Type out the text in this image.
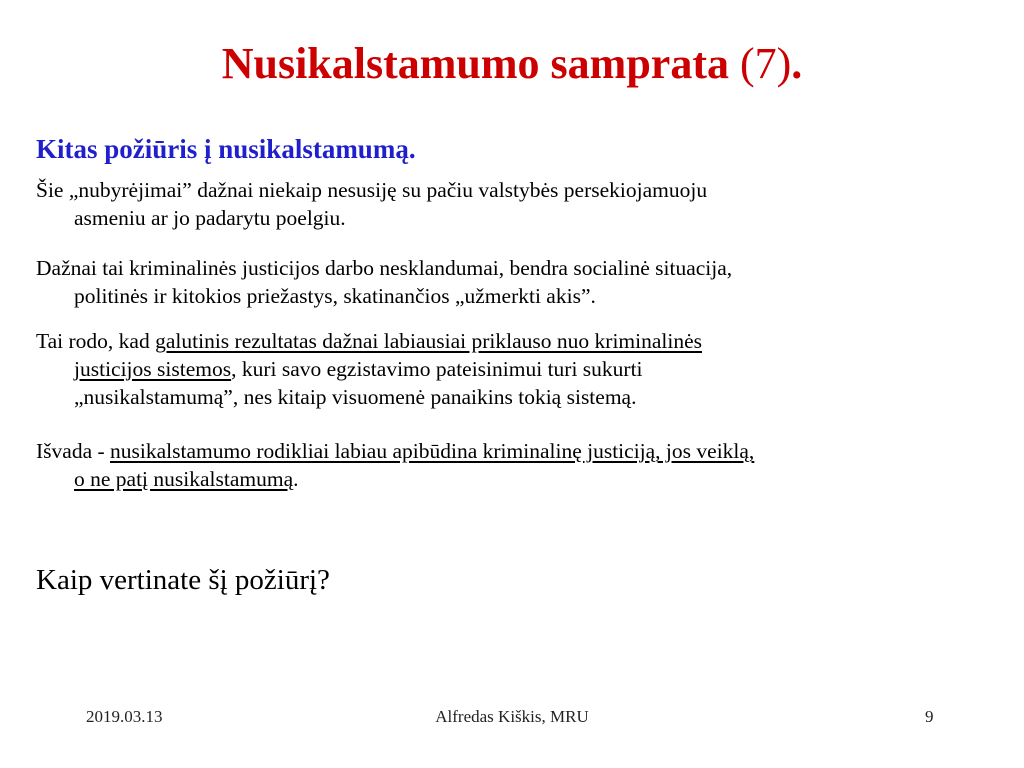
Nusikalstamumo samprata (7).
Kitas požiūris į nusikalstamumą.
Šie „nubyrėjimai” dažnai niekaip nesusiję su pačiu valstybės persekiojamuoju
asmeniu ar jo padarytu poelgiu.
Dažnai tai kriminalinės justicijos darbo nesklandumai, bendra socialinė situacija,
politinės ir kitokios priežastys, skatinančios „užmerkti akis”.
Tai rodo, kad galutinis rezultatas dažnai labiausiai priklauso nuo kriminalinės
justicijos sistemos, kuri savo egzistavimo pateisinimui turi sukurti
„nusikalstamumą”, nes kitaip visuomenė panaikins tokią sistemą.
Išvada - nusikalstamumo rodikliai labiau apibūdina kriminalinę justiciją, jos veiklą,
o ne patį nusikalstamumą.
Kaip vertinate šį požiūrį?
2019.03.13	Alfredas Kiškis, MRU	9
